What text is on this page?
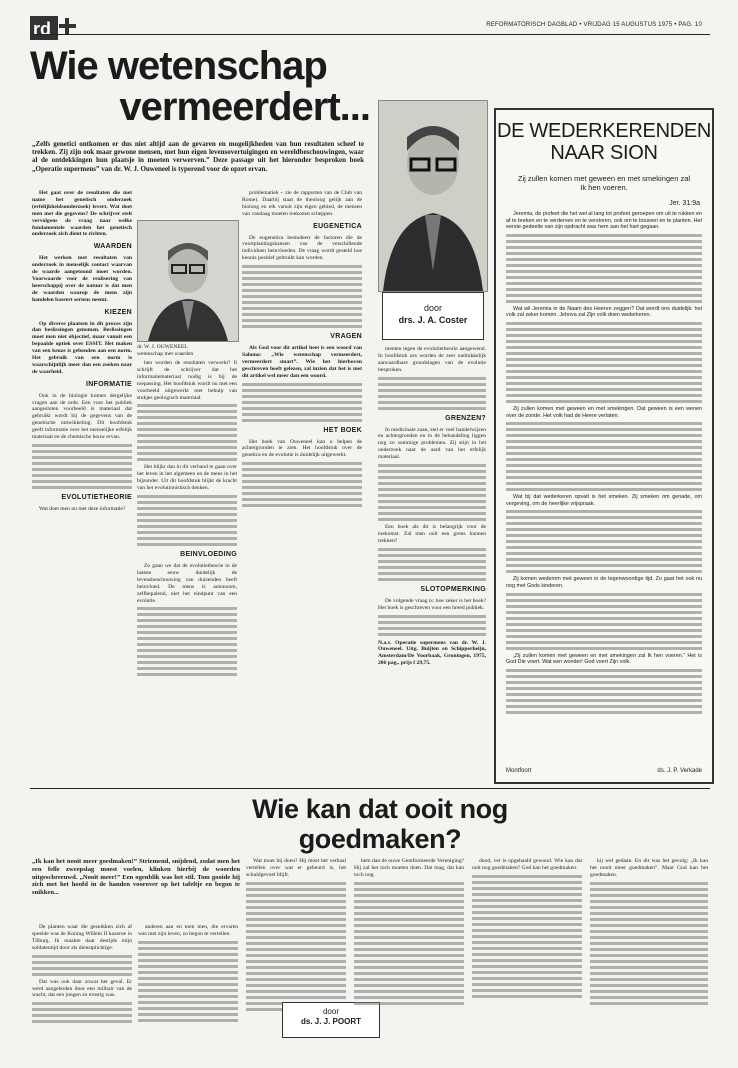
rd	REFORMATORISCH DAGBLAD • VRIJDAG 15 AUGUSTUS 1975 • PAG. 10
Wie wetenschap
vermeerdert...
„Zelfs genetici ontkomen er dus niet altijd aan de gevaren en mogelijkheden van hun resultaten scheef te trekken. Zij zijn ook maar gewone mensen, met hun eigen levensovertuigingen en wereldbeschouwingen, waar al de ontdekkingen hun plaatsje in moeten verwerven.” Deze passage uit het hieronder besproken boek „Operatie supermens” van dr. W. J. Ouweneel is typerend voor de opzet ervan.

Het gaat over de resultaten die met name het genetisch onderzoek (erfelijkheidsonderzoek) levert. Wat doet men met die gegevens? De schrijver stelt vervolgens de vraag naar welke fundamentele waarden het genetisch onderzoek zich dient te richten.

WAARDEN

Het werken met resultaten van onderzoek in menselijk contact waarvan de waarde aangetoond moet worden. Voorwaarde voor de realisering van heerschappij over de natuur is dat men de waarden waarop de mens zijn handelen baseert serieus neemt.

KIEZEN

Op diverse plaatsen in dit proces zijn dan beslissingen genomen. Beslissingen moet men niet objectief, maar vanuit een bepaalde optiek over ESSIT. Het maken van een keuze is gebonden aan een norm. Het gebruik van een norm is waarschijnlijk meer dan een zoeken naar de waarheid.

INFORMATIE

Ook in de biologie komen dergelijke vragen aan de orde. Een voor het publiek aangesloten voorbeeld is materiaal dat gebruikt wordt bij de gegevens van de genetische ontwikkeling. Dit hoofdstuk geeft informatie over het menselijke erfelijk materiaal en de chemische bouw ervan.

EVOLUTIETHEORIE

Wat doet men nu met deze informatie?

dr. W. J. OUWENEEL
wetenschap met waarden

hen worden de resultaten verwerkt? Il schrijft de schrijver dat het informatiemateriaal nodig is bij de toepassing. Het hoofdstuk wordt nu met een voorbeeld uitgewerkt met behulp van stukjes geologisch materiaal.

Het blijkt dan in dit verband te gaan over het leven in het algemeen en de mens in het bijzonder. Uit dit hoofdstuk blijkt de kracht van het evolutionistisch denken.

BEINVLOEDING

Zo gaan we dat de evolutietheorie in de laatste eeuw duidelijk de levensbeschouwing van duizenden heeft beinvloed. De mens is autonoom, zelfbepalend, niet het eindpunt van een evolutie.

problematiek – zie de rapporten van de Club van Rome). Daarbij staat de theoloog gelijk aan de bioloog en elk vanuit zijn eigen gebied, de mensen van vandaag moeten toekomst scheppen.

EUGENETICA

De eugenetica bestudeert de factoren die de voortplantingskansen van de verschillende individuen beinvloeden. De vraag wordt gesteld hoe kennis positief gebruikt kan worden.

VRAGEN

Als God voor dit artikel heet is een woord van Salomo: „Wie wetenschap vermeerdert, vermeerdert smart”. Wie het hierboven geschreven heeft gelezen, zal inzien dat het is met dit artikel wel meer dan een woord.

HET BOEK

Het boek van Ouweneel kan u helpen de achtergronden te zien. Het hoofdstuk over de genetica en de evolutie is duidelijk uitgewerkt.

door
drs. J. A. Coster

menten tegen de evolutietheorie aangewend. In hoofdstuk zes worden de zeer nadrukkelijk aanvaardbare grondslagen van de evolutie besproken.

GRENZEN?

In medicinale zaan, stel er veel handelwijzen en achtergronden en in de behandeling liggen nog zo sommige problemen. Zij stijn in het onderzoek naar de aard van het erfelijk materiaal.

Een boek als dit is belangrijk voor de toekomst. Zal men ooit een grens kunnen trekken?

SLOTOPMERKING

De volgende vraag is: hoe zeker is het boek? Het boek is geschreven voor een breed publiek.

N.a.v. Operatie supermens van dr. W. J. Ouweneel. Uitg. Buijten en Schipperheijn, Amsterdam/De Voorbaak, Groningen, 1975, 206 pag., prijs f 29,75.

DE WEDERKERENDEN
NAAR SION
Zij zullen komen met geween en met smekingen zal Ik hen voeren.
Jer. 31:9a

Jeremia, de profeet die het wel al lang tot profeet geroepen om uit te rukken en af te breken en te verderven en te verstoren, ook om te bouwen en te planten. Het eerste gedeelte van zijn opdracht was hem aan het hart gegaan.

Wat wil Jeremia in de Naam des Heeren zeggen? Dat wordt ons duidelijk: het volk zal zeker komen. Jehova zal Zijn volk doen wederkeren.

Zij zullen komen met geween en met smekingen. Dat geween is een wenen over de zonde. Het volk had de Heere verlaten.

Wat bij dat wederkeren opvalt is het smeken. Zij smeken om genade, om vergeving, om de heerlijke vrijspraak.

Zij komen wederom met geween in de tegenwoordige tijd. Zo gaat het ook nu nog met Gods kinderen.

„Zij zullen komen met geween en met smekingen zal Ik hen voeren.” Het is God Die voert. Wat een wonder! God voert Zijn volk.

Montfoort	ds. J. P. Verkade
Wie kan dat ooit nog
goedmaken?
„Ik kan het nooit meer goedmaken!” Striemend, snijdend, zodat men het een felle zweepslag moest voelen, klinken hierbij de woorden uitgeschreeuwd. „Nooit meer!” Een ogenblik was het stil. Tom gooide hij zich met het hoofd in de handen voorover op het tafeltje en begon te snikken...

De planten waar die gesnikken zich af speelde was de Koning Willem II kazerne in Tilburg. Ik maakte daar destijds mijn soldatentijd door als dienstplichtige.

Dat was ook daar zowat het geval. Er werd aangeboden door een militair van de wacht, dat een jongen zo ernstig was.

anderen aan en toen men, die ervaren was met zijn leven, zo begon te vertellen.

Wat moet hij doen? Hij moet het verhaal vertellen over wat er gebeurd is, het schuldgevoel blijft.

door
ds. J. J. POORT

hem dan de ouwe Gereformeerde Vereniging? Hij zal het toch moeten doen. Dat mag, dat kan toch nog.

dood, ver is opgehaald gewond. Wie kan dat ooit nog goedmaken? God kan het goedmaken.

kij wel gedaan. En dit was het gevolg: „Ik kan het nooit meer goedmaken”. Maar God kan het goedmaken.
